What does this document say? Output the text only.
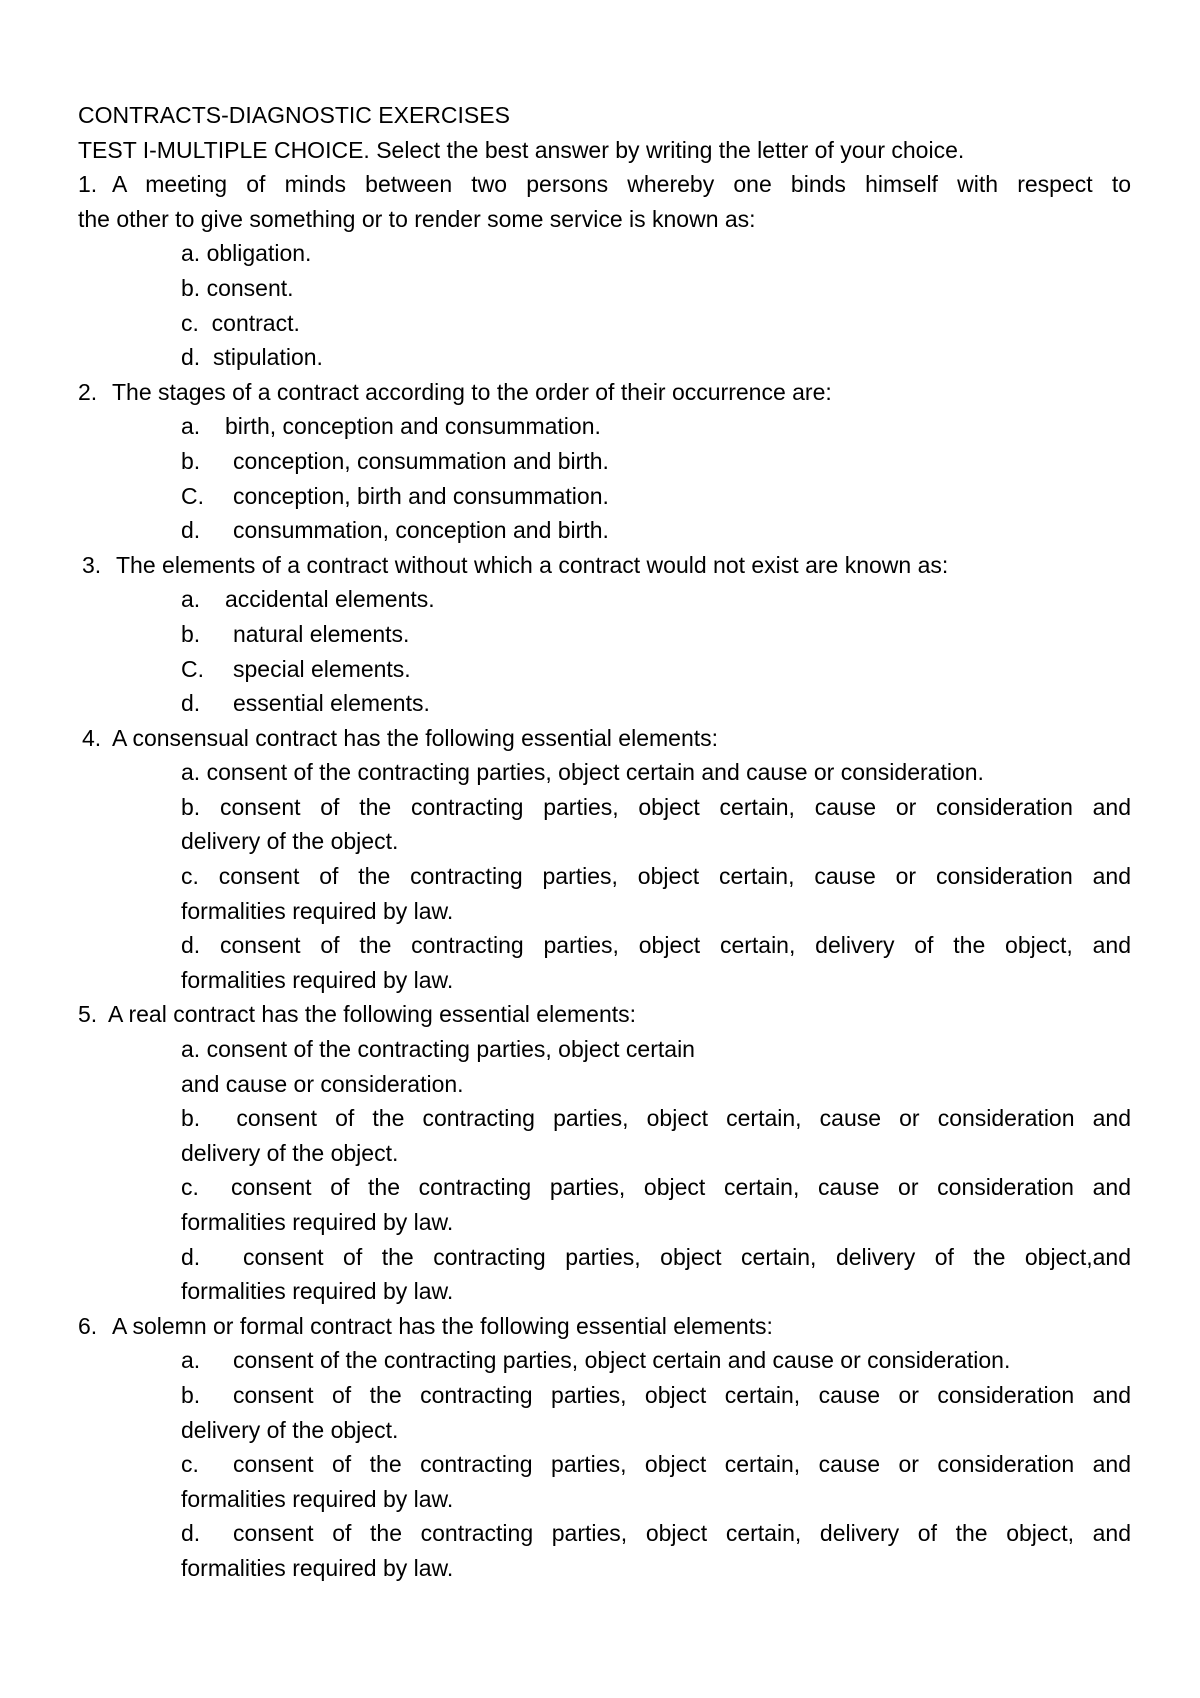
CONTRACTS-DIAGNOSTIC EXERCISES
TEST I-MULTIPLE CHOICE. Select the best answer by writing the letter of your choice.
1. A meeting of minds between two persons whereby one binds himself with respect to
the other to give something or to render some service is known as:
a. obligation.
b. consent.
c. contract.
d. stipulation.
2. The stages of a contract according to the order of their occurrence are:
a. birth, conception and consummation.
b. conception, consummation and birth.
C. conception, birth and consummation.
d. consummation, conception and birth.
3. The elements of a contract without which a contract would not exist are known as:
a. accidental elements.
b. natural elements.
C. special elements.
d. essential elements.
4. A consensual contract has the following essential elements:
a. consent of the contracting parties, object certain and cause or consideration.
b. consent of the contracting parties, object certain, cause or consideration and
delivery of the object.
c. consent of the contracting parties, object certain, cause or consideration and
formalities required by law.
d. consent of the contracting parties, object certain, delivery of the object, and
formalities required by law.
5. A real contract has the following essential elements:
a. consent of the contracting parties, object certain
and cause or consideration.
b. consent of the contracting parties, object certain, cause or consideration and
delivery of the object.
c. consent of the contracting parties, object certain, cause or consideration and
formalities required by law.
d. consent of the contracting parties, object certain, delivery of the object,and
formalities required by law.
6. A solemn or formal contract has the following essential elements:
a. consent of the contracting parties, object certain and cause or consideration.
b. consent of the contracting parties, object certain, cause or consideration and
delivery of the object.
c. consent of the contracting parties, object certain, cause or consideration and
formalities required by law.
d. consent of the contracting parties, object certain, delivery of the object, and
formalities required by law.
